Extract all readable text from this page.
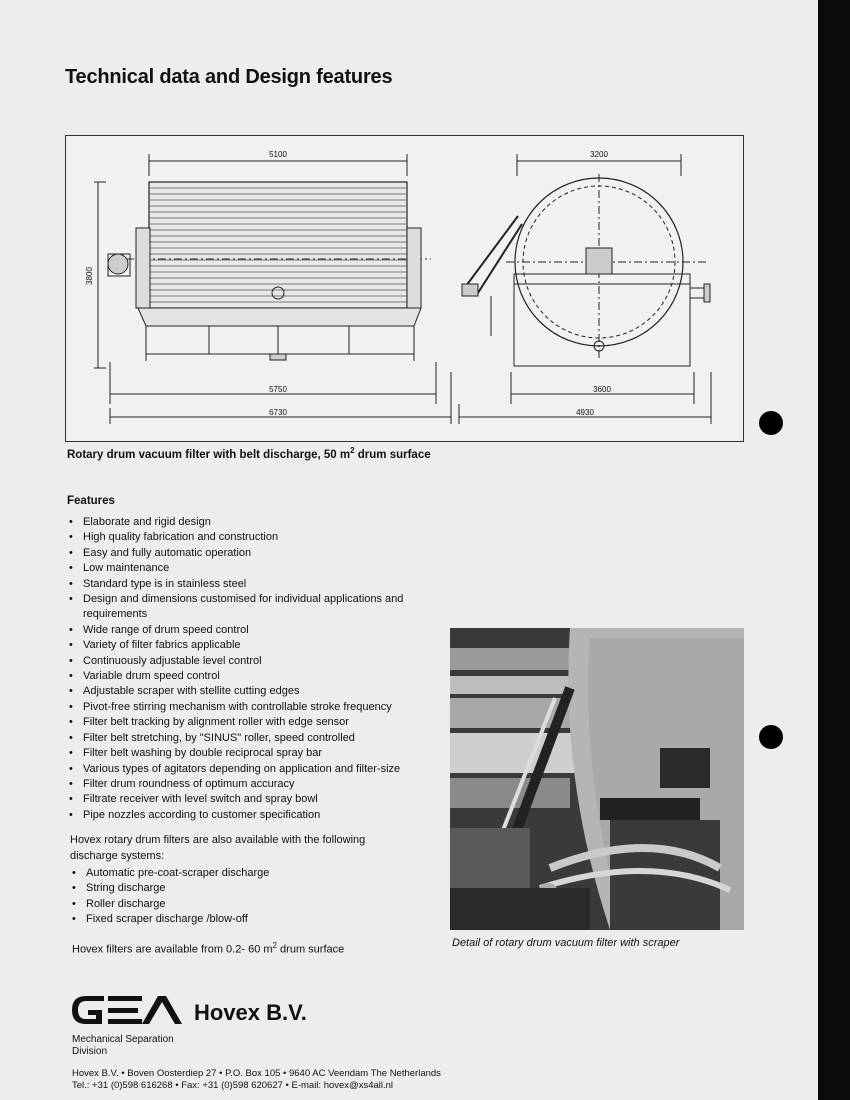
Technical data and Design features
5100	3200
5750
6730
3600
4930
3800
Rotary drum vacuum filter with belt discharge, 50 $m^2$ drum surface
Features
• Elaborate and rigid design
• High quality fabrication and construction
• Easy and fully automatic operation
• Low maintenance
• Standard type is in stainless steel
• Design and dimensions customised for individual applications and requirements
• Wide range of drum speed control
• Variety of filter fabrics applicable
• Continuously adjustable level control
• Variable drum speed control
• Adjustable scraper with stellite cutting edges
• Pivot-free stirring mechanism with controllable stroke frequency
• Filter belt tracking by alignment roller with edge sensor
• Filter belt stretching, by "SINUS" roller, speed controlled
• Filter belt washing by double reciprocal spray bar
• Various types of agitators depending on application and filter-size
• Filter drum roundness of optimum accuracy
• Filtrate receiver with level switch and spray bowl
• Pipe nozzles according to customer specification
Hovex rotary drum filters are also available with the following discharge systems:
• Automatic pre-coat-scraper discharge
• String discharge
• Roller discharge
• Fixed scraper discharge /blow-off
Hovex filters are available from 0.2- 60 $m^2$ drum surface
Detail of rotary drum vacuum filter with scraper
Hovex B.V.
Mechanical Separation
Division
Hovex B.V. • Boven Oosterdiep 27 • P.O. Box 105 • 9640 AC Veendam The Netherlands
Tel.: +31 (0)598 616268 • Fax: +31 (0)598 620627 • E-mail: hovex@xs4all.nl
